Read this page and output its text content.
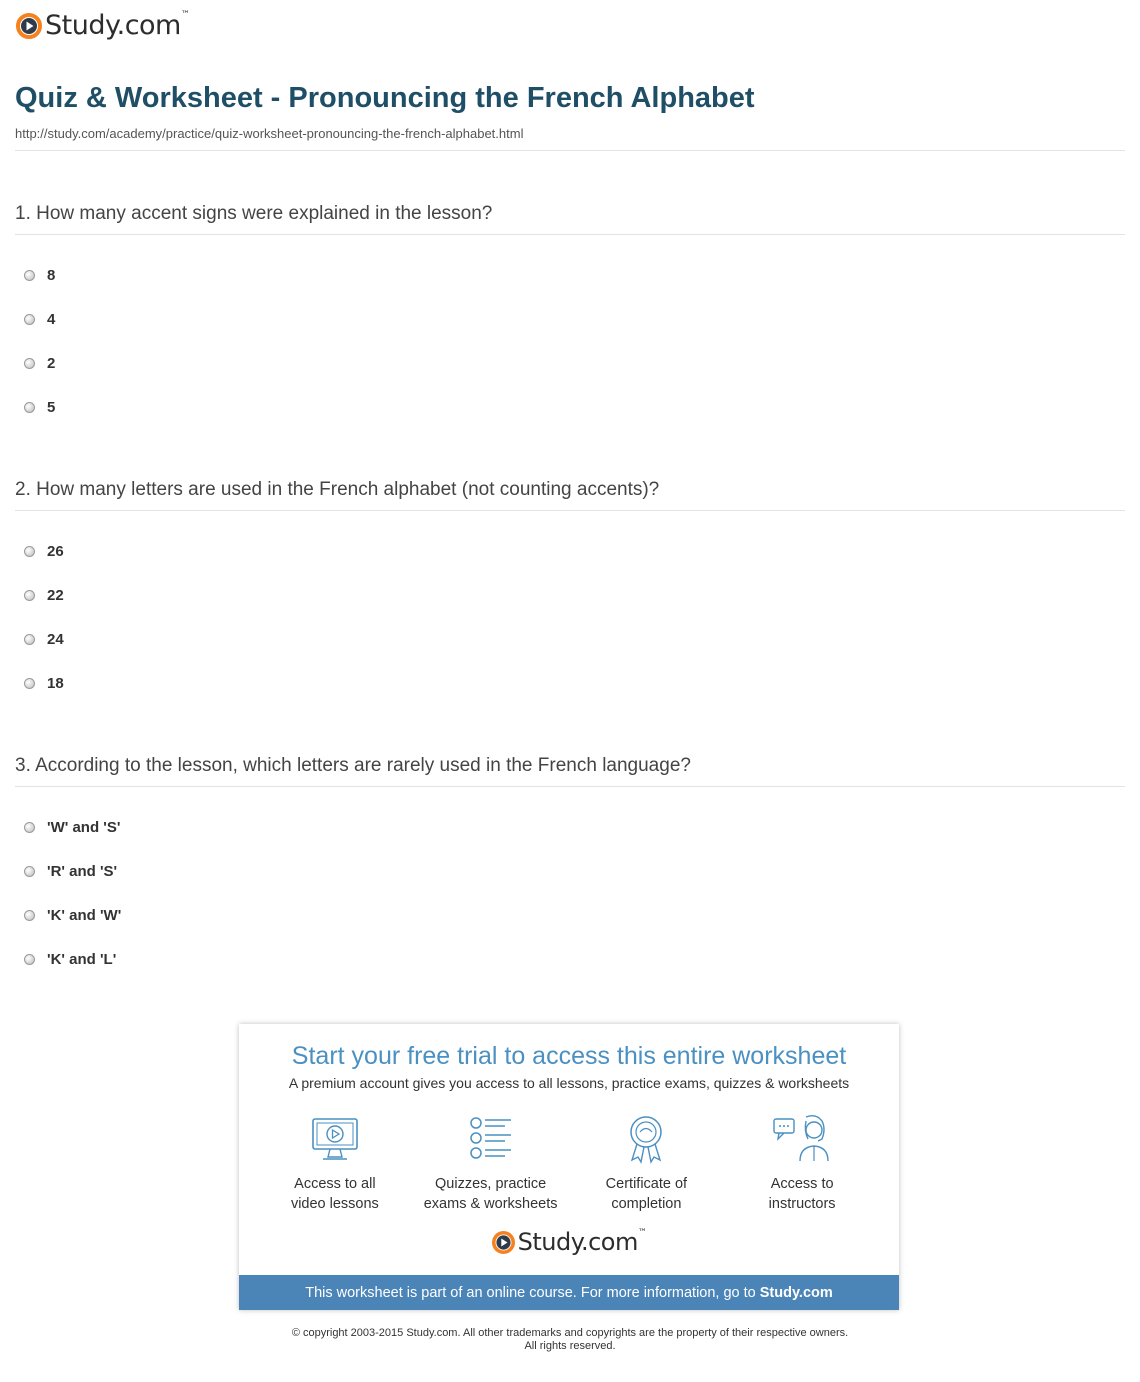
Study.com™
Quiz & Worksheet - Pronouncing the French Alphabet
http://study.com/academy/practice/quiz-worksheet-pronouncing-the-french-alphabet.html
1. How many accent signs were explained in the lesson?
8
4
2
5
2. How many letters are used in the French alphabet (not counting accents)?
26
22
24
18
3. According to the lesson, which letters are rarely used in the French language?
'W' and 'S'
'R' and 'S'
'K' and 'W'
'K' and 'L'
Start your free trial to access this entire worksheet
A premium account gives you access to all lessons, practice exams, quizzes & worksheets
Access to all
video lessons
Quizzes, practice
exams & worksheets
Certificate of
completion
Access to
instructors
Study.com™
This worksheet is part of an online course. For more information, go to Study.com
© copyright 2003-2015 Study.com. All other trademarks and copyrights are the property of their respective owners.
All rights reserved.
